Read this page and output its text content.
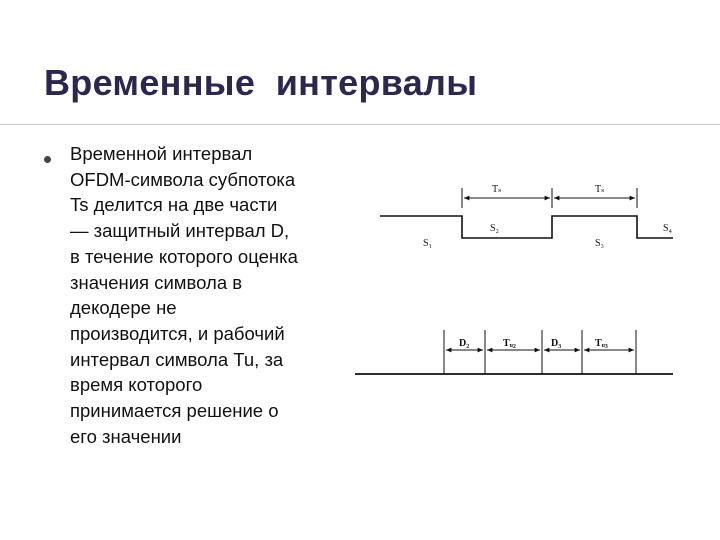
Временные  интервалы
Временной интервал
OFDM-символа субпотока
Ts делится на две части
— защитный интервал D,
в течение которого оценка
значения символа в
декодере не
производится, и рабочий
интервал символа Tu, за
время которого
принимается решение о
его значении
Tₛ	Tₛ
S₁
S₂
S₃
S₄
D₂	Tᵤ₂	D₃	Tᵤ₃
